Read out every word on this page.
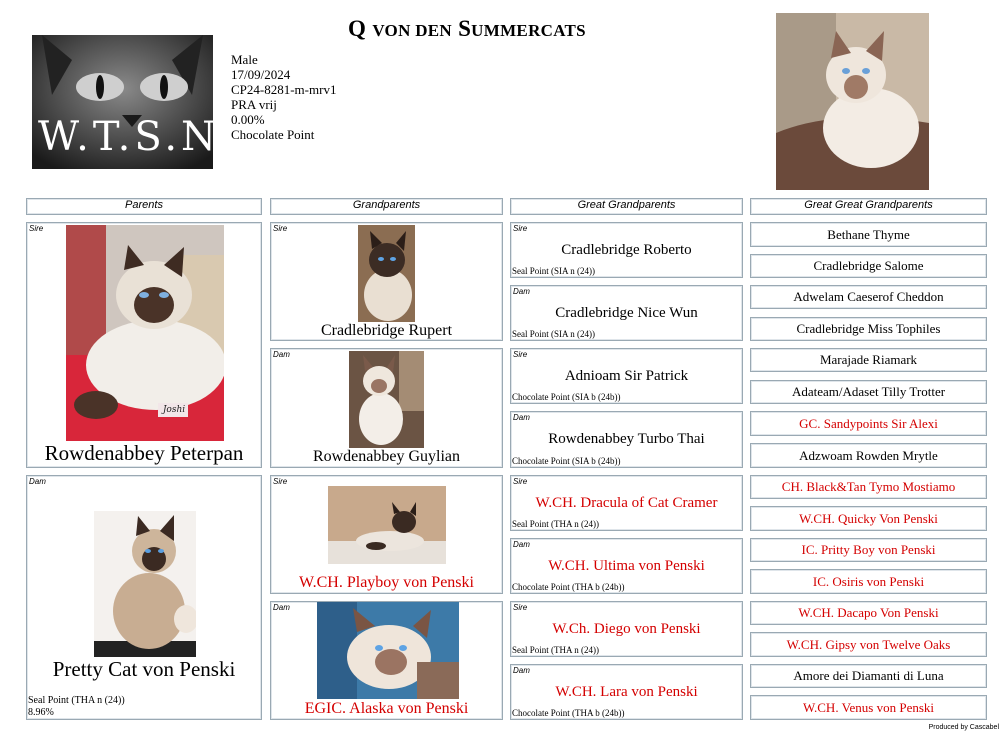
W.T.S.N.
Q VON DEN SUMMERCATS
Male
17/09/2024
CP24-8281-m-mrv1
PRA vrij
0.00%
Chocolate Point
Parents	Grandparents	Great Grandparents	Great Great Grandparents
Sire
Joshi
Rowdenabbey Peterpan
Dam
Pretty Cat von Penski
Seal Point (THA n (24))
8.96%
Sire
Cradlebridge Rupert
Dam
Rowdenabbey Guylian
Sire
W.CH. Playboy von Penski
Dam
EGIC. Alaska von Penski
Sire
Cradlebridge Roberto
Seal Point (SIA n (24))
Dam
Cradlebridge Nice Wun
Seal Point (SIA n (24))
Sire
Adnioam Sir Patrick
Chocolate Point (SIA b (24b))
Dam
Rowdenabbey Turbo Thai
Chocolate Point (SIA b (24b))
Sire
W.CH. Dracula of Cat Cramer
Seal Point (THA n (24))
Dam
W.CH. Ultima von Penski
Chocolate Point (THA b (24b))
Sire
W.Ch. Diego von Penski
Seal Point (THA n (24))
Dam
W.CH. Lara von Penski
Chocolate Point (THA b (24b))
Bethane Thyme
Cradlebridge Salome
Adwelam Caeserof Cheddon
Cradlebridge Miss Tophiles
Marajade Riamark
Adateam/Adaset Tilly Trotter
GC. Sandypoints Sir Alexi
Adzwoam Rowden Mrytle
CH. Black&Tan Tymo Mostiamo
W.CH. Quicky Von Penski
IC. Pritty Boy von Penski
IC. Osiris von Penski
W.CH. Dacapo Von Penski
W.CH. Gipsy von Twelve Oaks
Amore dei Diamanti di Luna
W.CH. Venus von Penski
Produced by Cascabel
